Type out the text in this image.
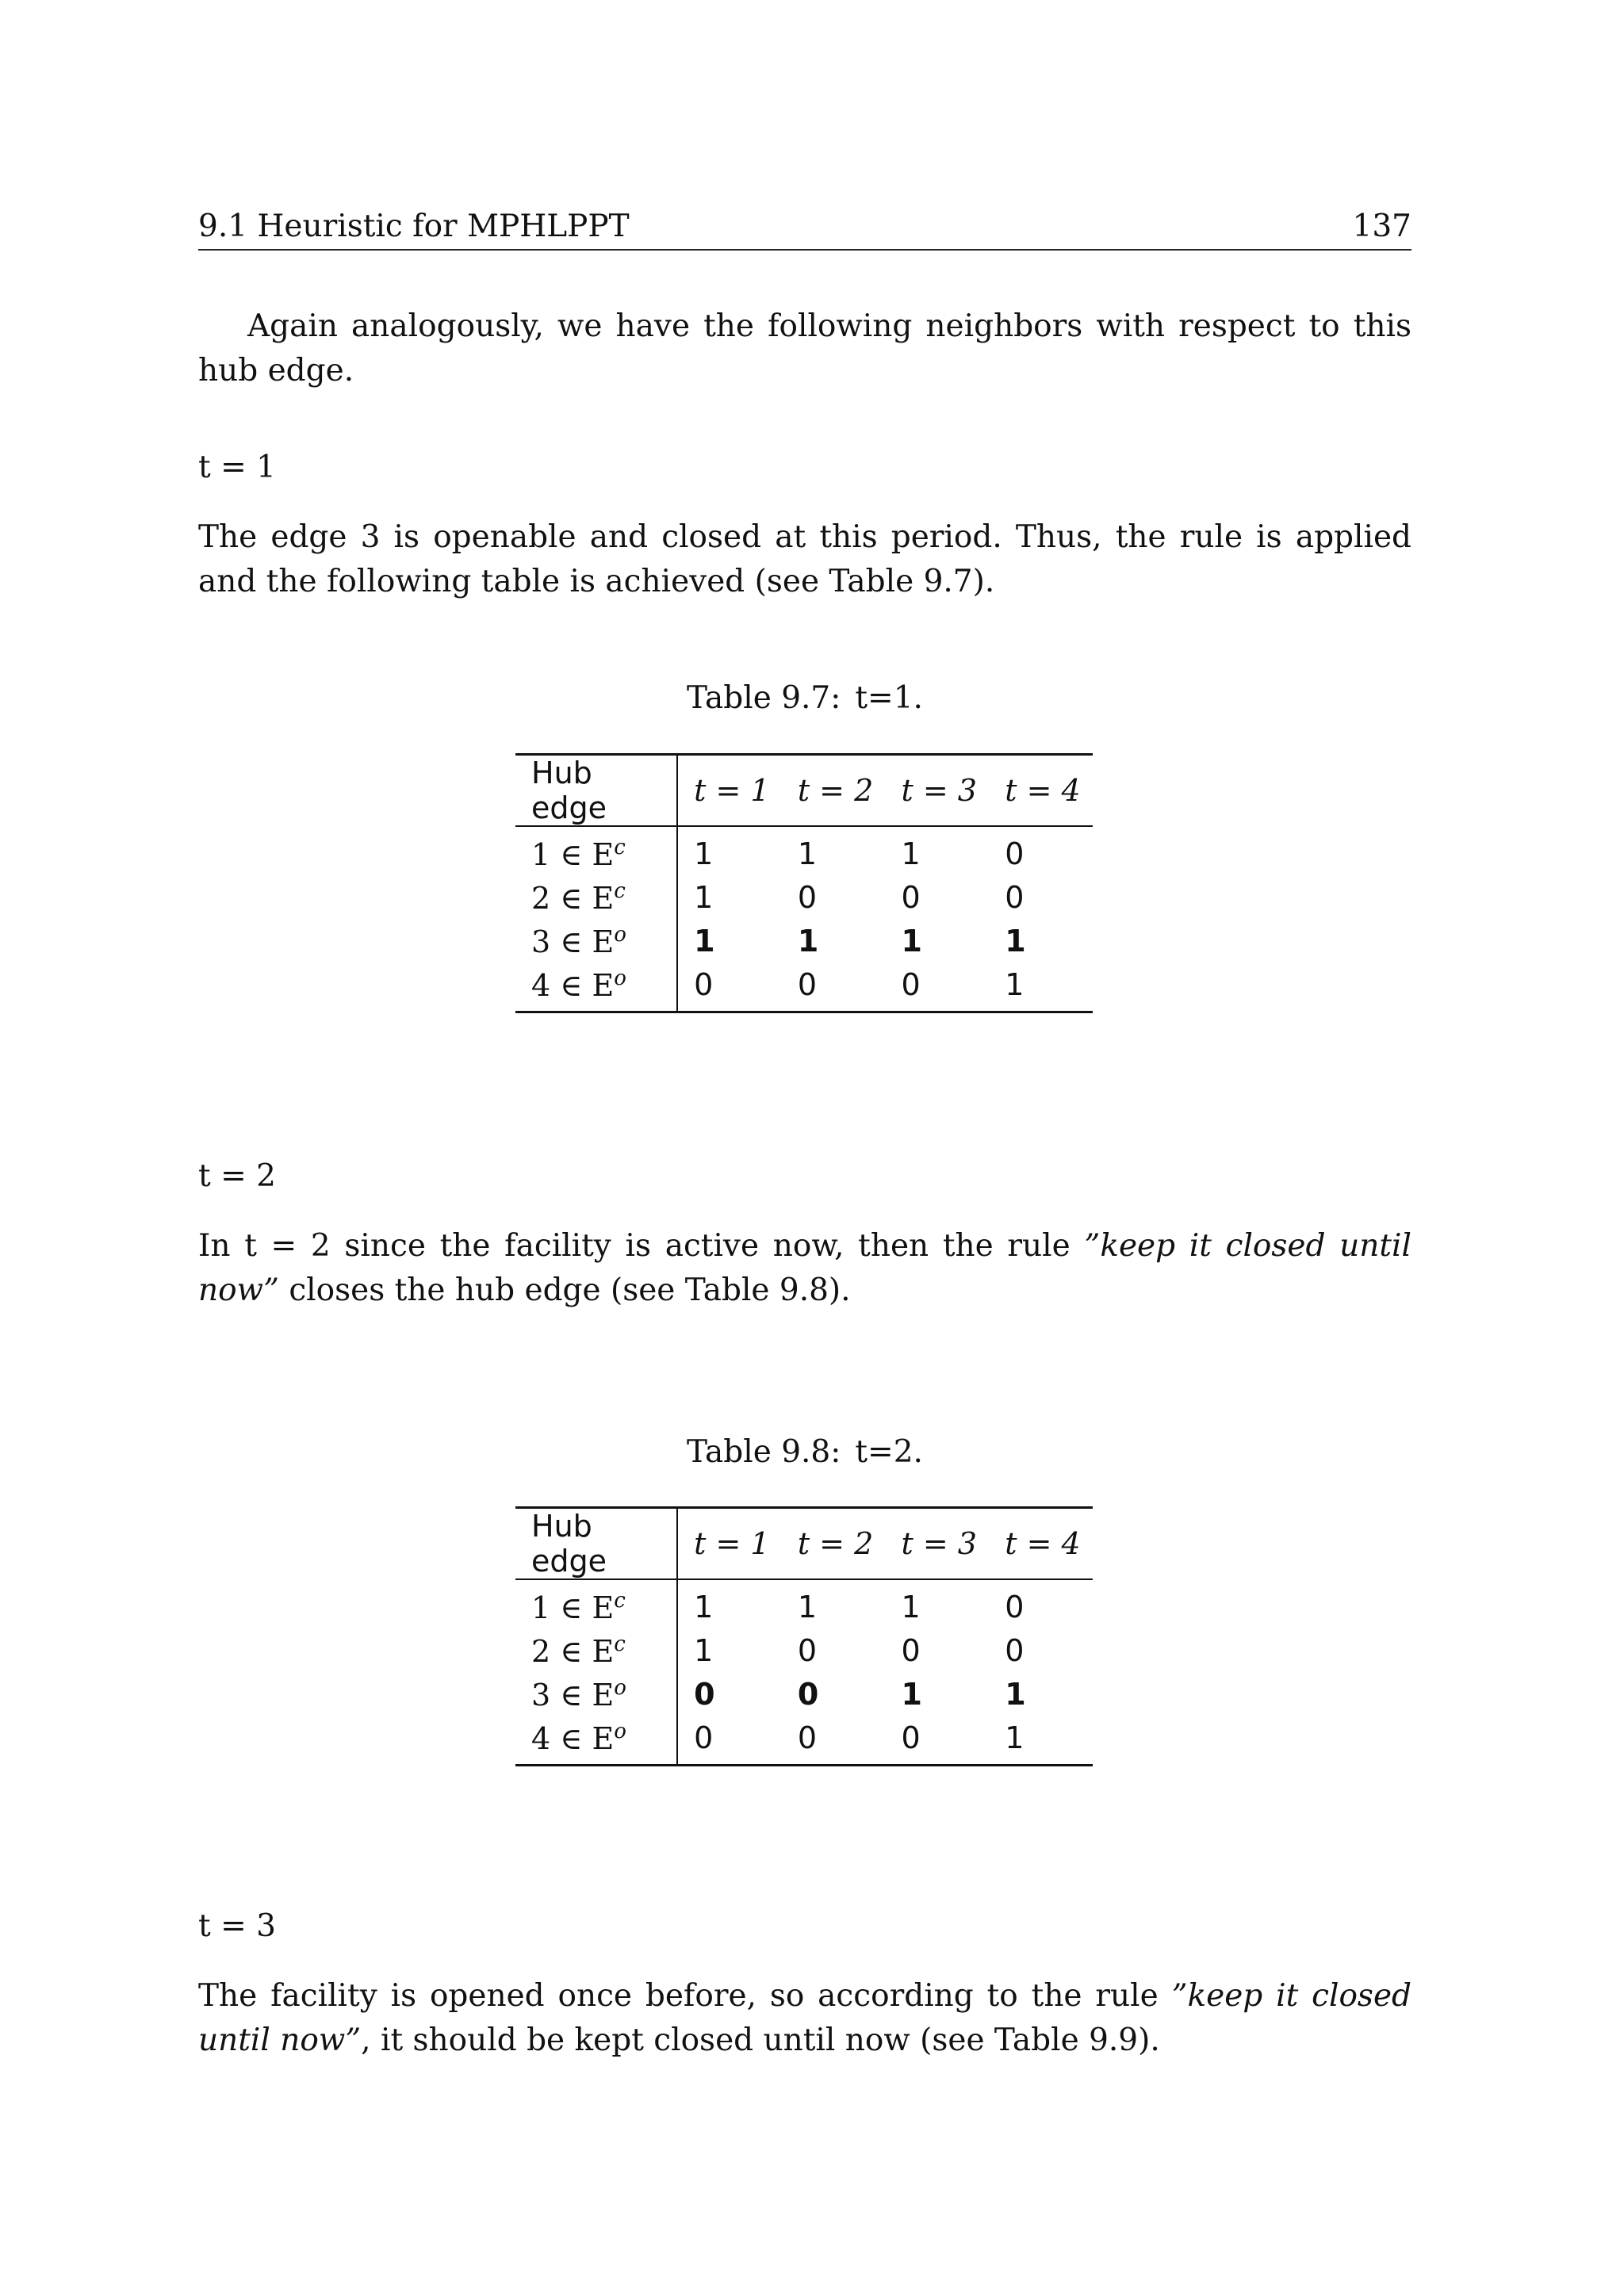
9.1 Heuristic for MPHLPPT	137
Again analogously, we have the following neighbors with respect to this hub edge.
t = 1
The edge 3 is openable and closed at this period. Thus, the rule is applied and the following table is achieved (see Table 9.7).
Table 9.7: t=1.
Hub edge	t = 1	t = 2	t = 3	t = 4
1 ∈ $E^c$	1	1	1	0
2 ∈ $E^c$	1	0	0	0
3 ∈ $E^o$	1	1	1	1
4 ∈ $E^o$	0	0	0	1
t = 2
In t = 2 since the facility is active now, then the rule ”keep it closed until now” closes the hub edge (see Table 9.8).
Table 9.8: t=2.
Hub edge	t = 1	t = 2	t = 3	t = 4
1 ∈ $E^c$	1	1	1	0
2 ∈ $E^c$	1	0	0	0
3 ∈ $E^o$	0	0	1	1
4 ∈ $E^o$	0	0	0	1
t = 3
The facility is opened once before, so according to the rule ”keep it closed until now”, it should be kept closed until now (see Table 9.9).
